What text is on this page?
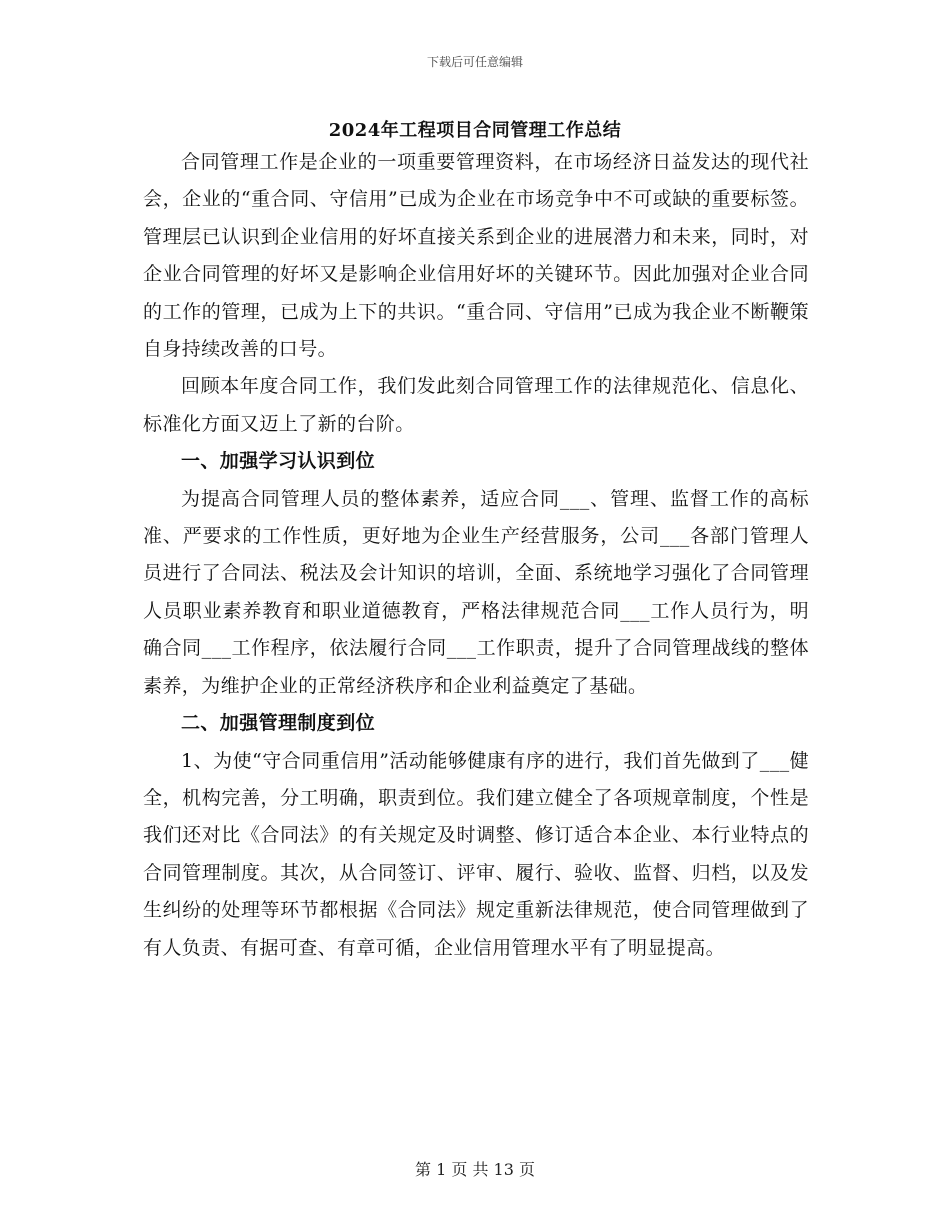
下载后可任意编辑
2024年工程项目合同管理工作总结

合同管理工作是企业的一项重要管理资料，在市场经济日益发达的现代社会，企业的“重合同、守信用”已成为企业在市场竞争中不可或缺的重要标签。管理层已认识到企业信用的好坏直接关系到企业的进展潜力和未来，同时，对企业合同管理的好坏又是影响企业信用好坏的关键环节。因此加强对企业合同的工作的管理，已成为上下的共识。“重合同、守信用”已成为我企业不断鞭策自身持续改善的口号。

回顾本年度合同工作，我们发此刻合同管理工作的法律规范化、信息化、标准化方面又迈上了新的台阶。

一、加强学习认识到位

为提高合同管理人员的整体素养，适应合同___、管理、监督工作的高标准、严要求的工作性质，更好地为企业生产经营服务，公司___各部门管理人员进行了合同法、税法及会计知识的培训，全面、系统地学习强化了合同管理人员职业素养教育和职业道德教育，严格法律规范合同___工作人员行为，明确合同___工作程序，依法履行合同___工作职责，提升了合同管理战线的整体素养，为维护企业的正常经济秩序和企业利益奠定了基础。

二、加强管理制度到位

1、为使“守合同重信用”活动能够健康有序的进行，我们首先做到了___健全，机构完善，分工明确，职责到位。我们建立健全了各项规章制度，个性是我们还对比《合同法》的有关规定及时调整、修订适合本企业、本行业特点的合同管理制度。其次，从合同签订、评审、履行、验收、监督、归档，以及发生纠纷的处理等环节都根据《合同法》规定重新法律规范，使合同管理做到了有人负责、有据可查、有章可循，企业信用管理水平有了明显提高。

第 1 页 共 13 页
